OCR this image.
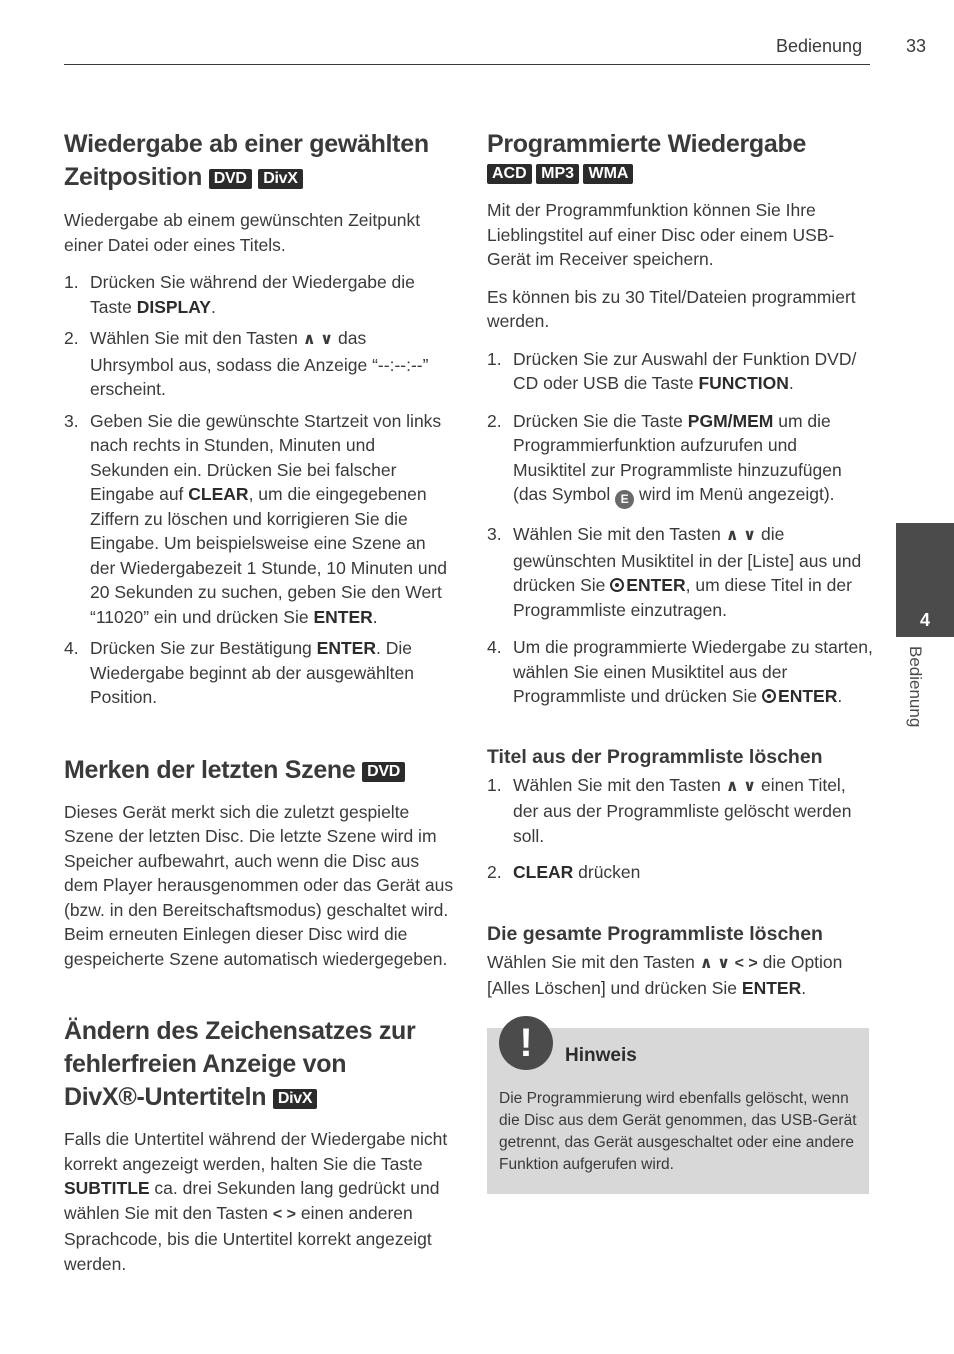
Bedienung 33
Wiedergabe ab einer gewählten Zeitposition DVD DivX

Wiedergabe ab einem gewünschten Zeitpunkt einer Datei oder eines Titels.

1. Drücken Sie während der Wiedergabe die Taste DISPLAY.
2. Wählen Sie mit den Tasten ∧ ∨ das Uhrsymbol aus, sodass die Anzeige “--:--:--” erscheint.
3. Geben Sie die gewünschte Startzeit von links nach rechts in Stunden, Minuten und Sekunden ein. Drücken Sie bei falscher Eingabe auf CLEAR, um die eingegebenen Ziffern zu löschen und korrigieren Sie die Eingabe. Um beispielsweise eine Szene an der Wiedergabezeit 1 Stunde, 10 Minuten und 20 Sekunden zu suchen, geben Sie den Wert “11020” ein und drücken Sie ENTER.
4. Drücken Sie zur Bestätigung ENTER. Die Wiedergabe beginnt ab der ausgewählten Position.
Merken der letzten Szene DVD

Dieses Gerät merkt sich die zuletzt gespielte Szene der letzten Disc. Die letzte Szene wird im Speicher aufbewahrt, auch wenn die Disc aus dem Player herausgenommen oder das Gerät aus (bzw. in den Bereitschaftsmodus) geschaltet wird. Beim erneuten Einlegen dieser Disc wird die gespeicherte Szene automatisch wiedergegeben.

Ändern des Zeichensatzes zur
fehlerfreien Anzeige von
DivX®-Untertiteln DivX

Falls die Untertitel während der Wiedergabe nicht korrekt angezeigt werden, halten Sie die Taste SUBTITLE ca. drei Sekunden lang gedrückt und wählen Sie mit den Tasten < > einen anderen Sprachcode, bis die Untertitel korrekt angezeigt werden.

Programmierte Wiedergabe
ACD MP3 WMA

Mit der Programmfunktion können Sie Ihre Lieblingstitel auf einer Disc oder einem USB-Gerät im Receiver speichern.

Es können bis zu 30 Titel/Dateien programmiert werden.

1. Drücken Sie zur Auswahl der Funktion DVD/ CD oder USB die Taste FUNCTION.
2. Drücken Sie die Taste PGM/MEM um die Programmierfunktion aufzurufen und Musiktitel zur Programmliste hinzuzufügen (das Symbol E wird im Menü angezeigt).
3. Wählen Sie mit den Tasten ∧ ∨ die gewünschten Musiktitel in der [Liste] aus und drücken Sie ENTER, um diese Titel in der Programmliste einzutragen.
4. Um die programmierte Wiedergabe zu starten, wählen Sie einen Musiktitel aus der Programmliste und drücken Sie ENTER.
Titel aus der Programmliste löschen
1. Wählen Sie mit den Tasten ∧ ∨ einen Titel, der aus der Programmliste gelöscht werden soll.
2. CLEAR drücken
Die gesamte Programmliste löschen

Wählen Sie mit den Tasten ∧ ∨ < > die Option [Alles Löschen] und drücken Sie ENTER.

!	Hinweis
Die Programmierung wird ebenfalls gelöscht, wenn die Disc aus dem Gerät genommen, das USB-Gerät getrennt, das Gerät ausgeschaltet oder eine andere Funktion aufgerufen wird.
4
Bedienung
